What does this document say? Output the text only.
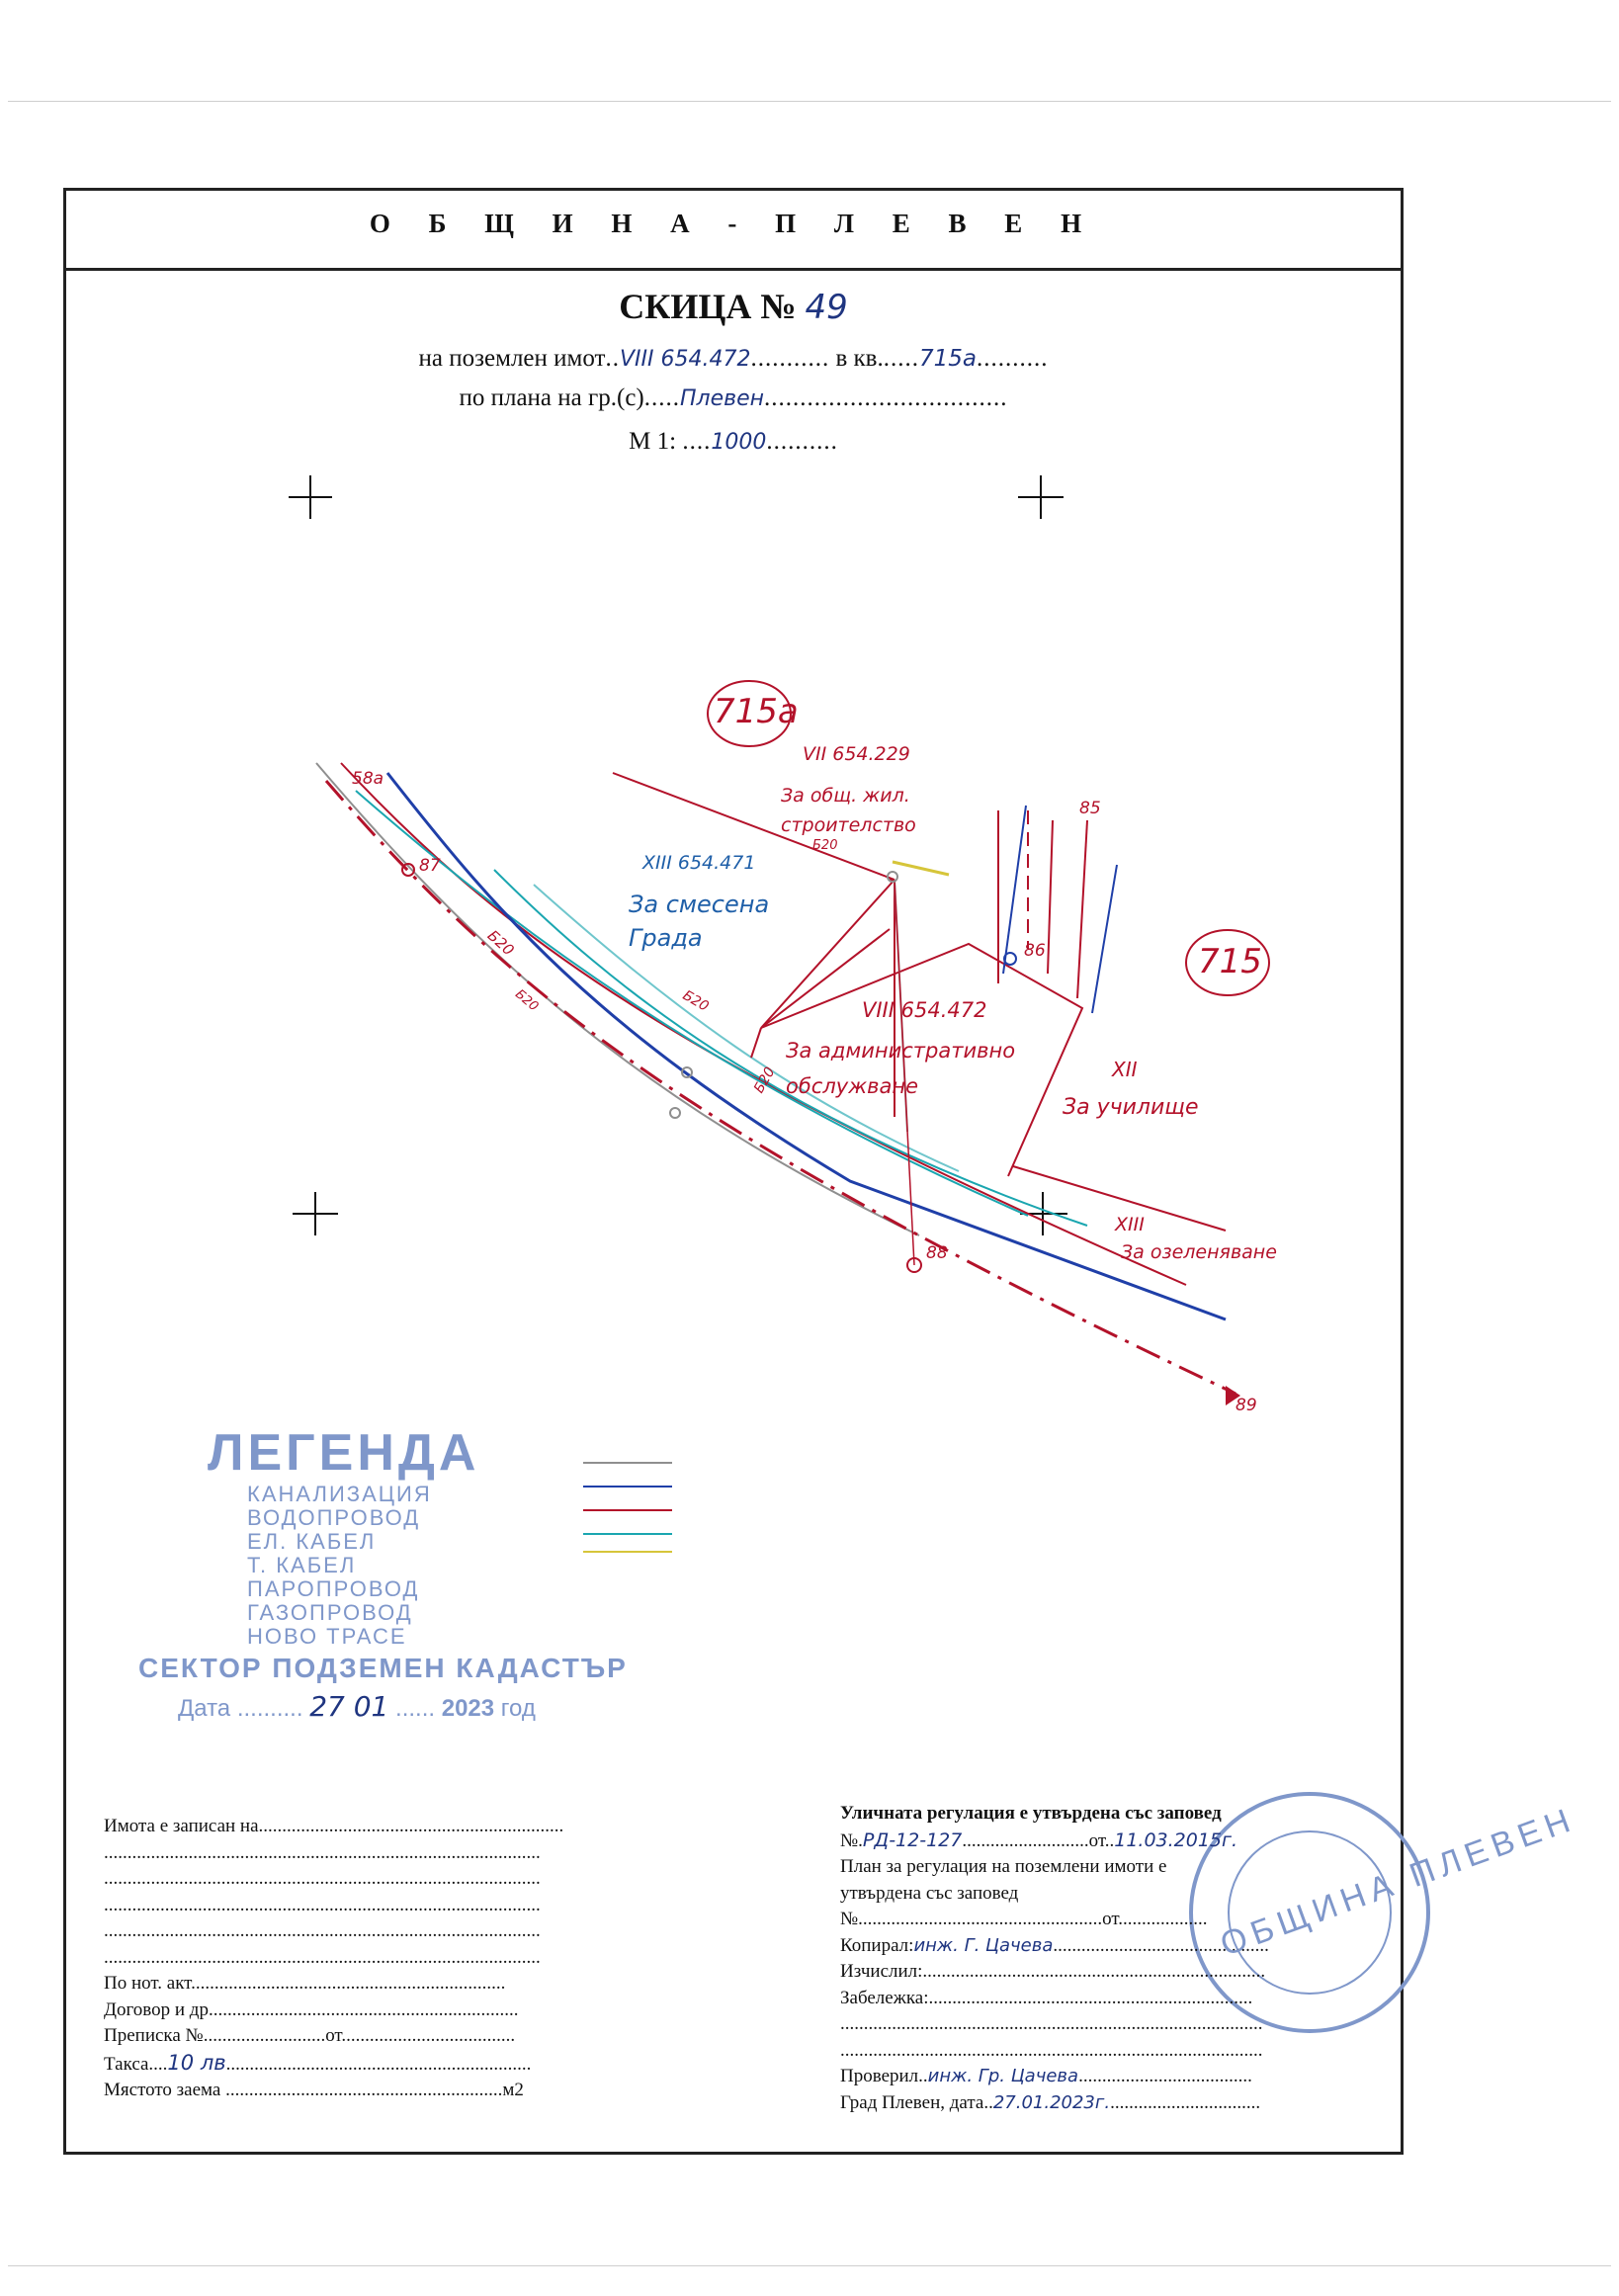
О Б Щ И Н А - П Л Е В Е Н
СКИЦА № 49
на поземлен имот..VIII 654.472........... в кв......715а..........
по плана на гр.(с).....Плевен..................................
М 1: ....1000..........
715а
715
VII 654.229
За общ. жил. строителство
XIII 654.471
За смесена Града
VIII 654.472
За административно обслужване
XII
За училище
XIII
За озеленяване
58а
87
86
88
89
85
Б20
Б20
Б20
Б20
Б20
ЛЕГЕНДА
КАНАЛИЗАЦИЯ
ВОДОПРОВОД
ЕЛ. КАБЕЛ
Т. КАБЕЛ
ПАРОПРОВОД
ГАЗОПРОВОД
НОВО ТРАСЕ
СЕКТОР ПОДЗЕМЕН КАДАСТЪР
Дата .......... 27 01 ...... 2023 год
Имота е записан на.................................................................
.............................................................................................
.............................................................................................
.............................................................................................
.............................................................................................
.............................................................................................
По нот. акт...................................................................
Договор и др..................................................................
Преписка №..........................от.....................................
Такса....10 лв.................................................................
Мястото заема ...........................................................м2
Уличната регулация е утвърдена със заповед
№.РД-12-127...........................от..11.03.2015г.
План за регулация на поземлени имоти е
утвърдена със заповед
№....................................................от...................
Копирал:инж. Г. Цачева..............................................
Изчислил:.........................................................................
Забележка:.....................................................................
..........................................................................................
..........................................................................................
Проверил..инж. Гр. Цачева.....................................
Град Плевен, дата..27.01.2023г.................................
ОБЩИНА ПЛЕВЕН
